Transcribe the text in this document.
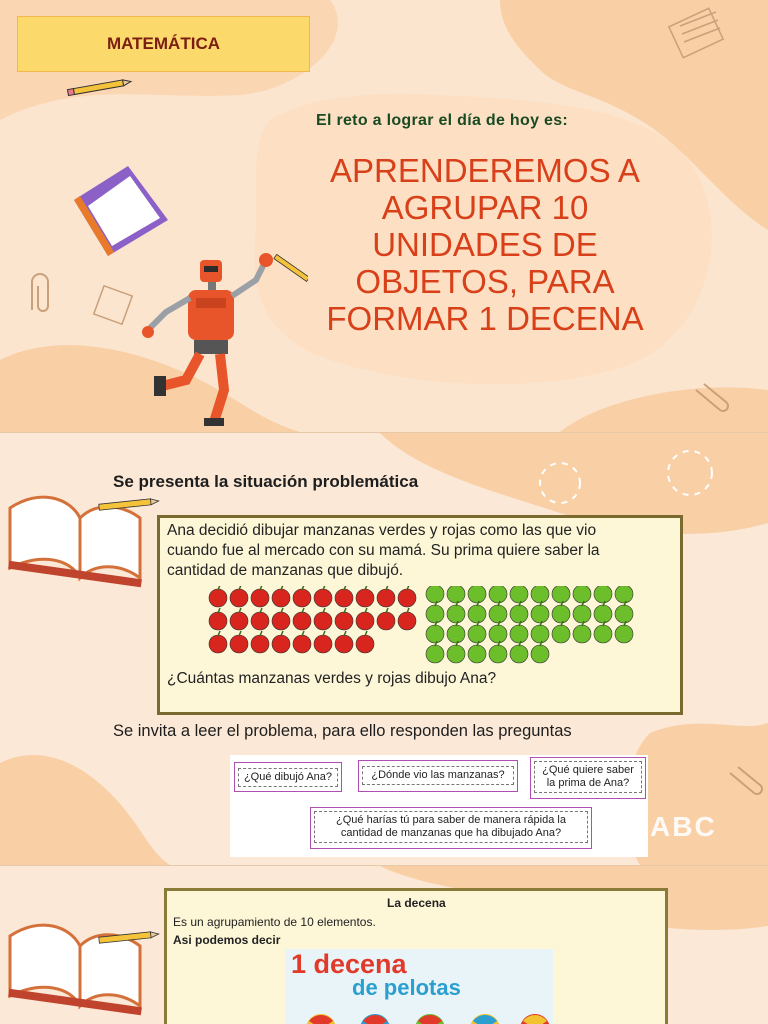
MATEMÁTICA
El reto a lograr el día de hoy es:
APRENDEREMOS A
AGRUPAR 10
UNIDADES DE
OBJETOS, PARA
FORMAR 1 DECENA
Se presenta la situación problemática
Ana decidió dibujar manzanas verdes y rojas como las que vio
cuando fue al mercado con su mamá. Su prima quiere saber la
cantidad de manzanas que dibujó.
¿Cuántas manzanas verdes y rojas dibujo Ana?
Se invita a leer el problema, para ello responden las preguntas
¿Qué dibujó Ana?	¿Dónde vio las manzanas?	¿Qué quiere saber la prima de Ana?
¿Qué harías tú para saber de manera rápida la cantidad de manzanas que ha dibujado Ana?	ABC
La decena
Es un agrupamiento de 10 elementos.
Asi podemos decir
1 decena
de pelotas
